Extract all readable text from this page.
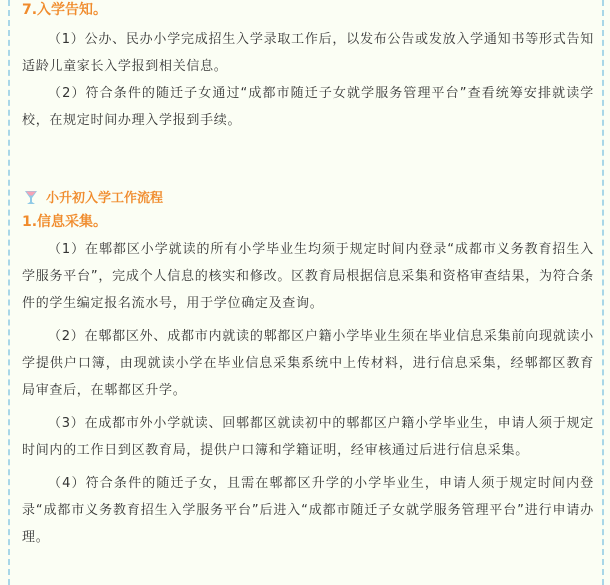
7.入学告知。

（1）公办、民办小学完成招生入学录取工作后，以发布公告或发放入学通知书等形式告知适龄儿童家长入学报到相关信息。

（2）符合条件的随迁子女通过“成都市随迁子女就学服务管理平台”查看统筹安排就读学校，在规定时间办理入学报到手续。

小升初入学工作流程

1.信息采集。

（1）在郫都区小学就读的所有小学毕业生均须于规定时间内登录“成都市义务教育招生入学服务平台”，完成个人信息的核实和修改。区教育局根据信息采集和资格审查结果，为符合条件的学生编定报名流水号，用于学位确定及查询。

（2）在郫都区外、成都市内就读的郫都区户籍小学毕业生须在毕业信息采集前向现就读小学提供户口簿，由现就读小学在毕业信息采集系统中上传材料，进行信息采集，经郫都区教育局审查后，在郫都区升学。

（3）在成都市外小学就读、回郫都区就读初中的郫都区户籍小学毕业生，申请人须于规定时间内的工作日到区教育局，提供户口簿和学籍证明，经审核通过后进行信息采集。

（4）符合条件的随迁子女，且需在郫都区升学的小学毕业生，申请人须于规定时间内登录“成都市义务教育招生入学服务平台”后进入“成都市随迁子女就学服务管理平台”进行申请办理。
